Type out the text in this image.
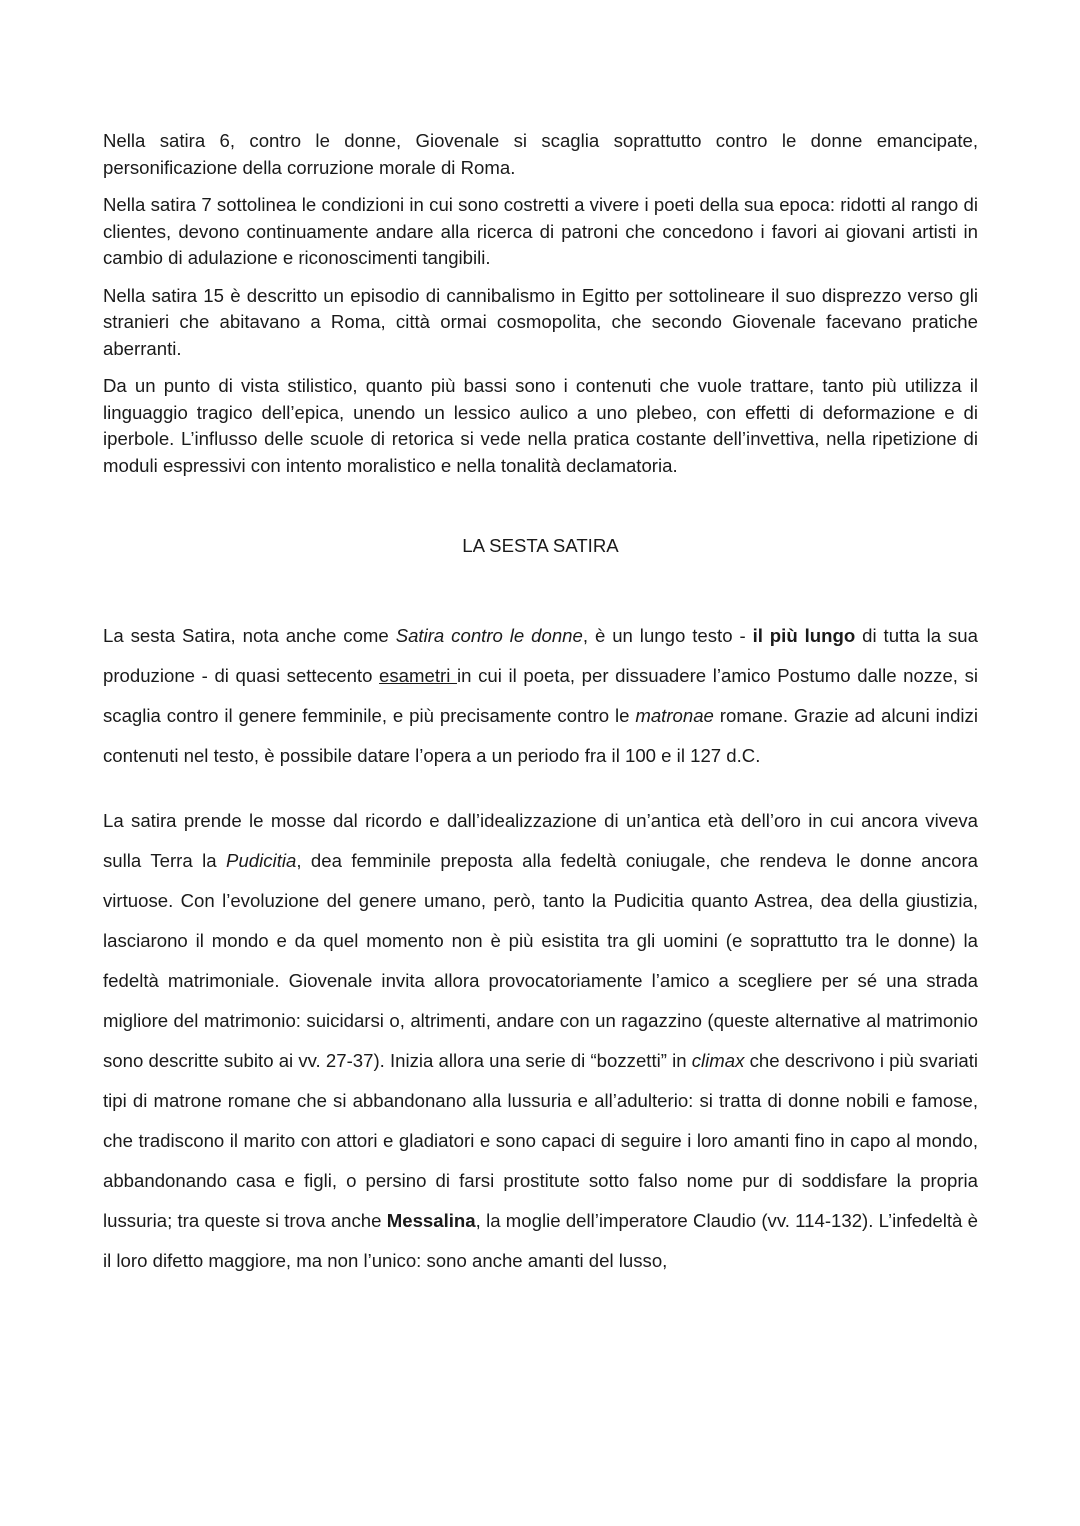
Nella satira 6, contro le donne, Giovenale si scaglia soprattutto contro le donne emancipate, personificazione della corruzione morale di Roma.

Nella satira 7 sottolinea le condizioni in cui sono costretti a vivere i poeti della sua epoca: ridotti al rango di clientes, devono continuamente andare alla ricerca di patroni che concedono i favori ai giovani artisti in cambio di adulazione e riconoscimenti tangibili.

Nella satira 15 è descritto un episodio di cannibalismo in Egitto per sottolineare il suo disprezzo verso gli stranieri che abitavano a Roma, città ormai cosmopolita, che secondo Giovenale facevano pratiche aberranti.

Da un punto di vista stilistico, quanto più bassi sono i contenuti che vuole trattare, tanto più utilizza il linguaggio tragico dell’epica, unendo un lessico aulico a uno plebeo, con effetti di deformazione e di iperbole. L’influsso delle scuole di retorica si vede nella pratica costante dell’invettiva, nella ripetizione di moduli espressivi con intento moralistico e nella tonalità declamatoria.

LA SESTA SATIRA

La sesta Satira, nota anche come Satira contro le donne, è un lungo testo - il più lungo di tutta la sua produzione - di quasi settecento esametri in cui il poeta, per dissuadere l’amico Postumo dalle nozze, si scaglia contro il genere femminile, e più precisamente contro le matronae romane. Grazie ad alcuni indizi contenuti nel testo, è possibile datare l’opera a un periodo fra il 100 e il 127 d.C.

La satira prende le mosse dal ricordo e dall’idealizzazione di un’antica età dell’oro in cui ancora viveva sulla Terra la Pudicitia, dea femminile preposta alla fedeltà coniugale, che rendeva le donne ancora virtuose. Con l’evoluzione del genere umano, però, tanto la Pudicitia quanto Astrea, dea della giustizia, lasciarono il mondo e da quel momento non è più esistita tra gli uomini (e soprattutto tra le donne) la fedeltà matrimoniale. Giovenale invita allora provocatoriamente l’amico a scegliere per sé una strada migliore del matrimonio: suicidarsi o, altrimenti, andare con un ragazzino (queste alternative al matrimonio sono descritte subito ai vv. 27-37). Inizia allora una serie di “bozzetti” in climax che descrivono i più svariati tipi di matrone romane che si abbandonano alla lussuria e all’adulterio: si tratta di donne nobili e famose, che tradiscono il marito con attori e gladiatori e sono capaci di seguire i loro amanti fino in capo al mondo, abbandonando casa e figli, o persino di farsi prostitute sotto falso nome pur di soddisfare la propria lussuria; tra queste si trova anche Messalina, la moglie dell’imperatore Claudio (vv. 114-132). L’infedeltà è il loro difetto maggiore, ma non l’unico: sono anche amanti del lusso,
